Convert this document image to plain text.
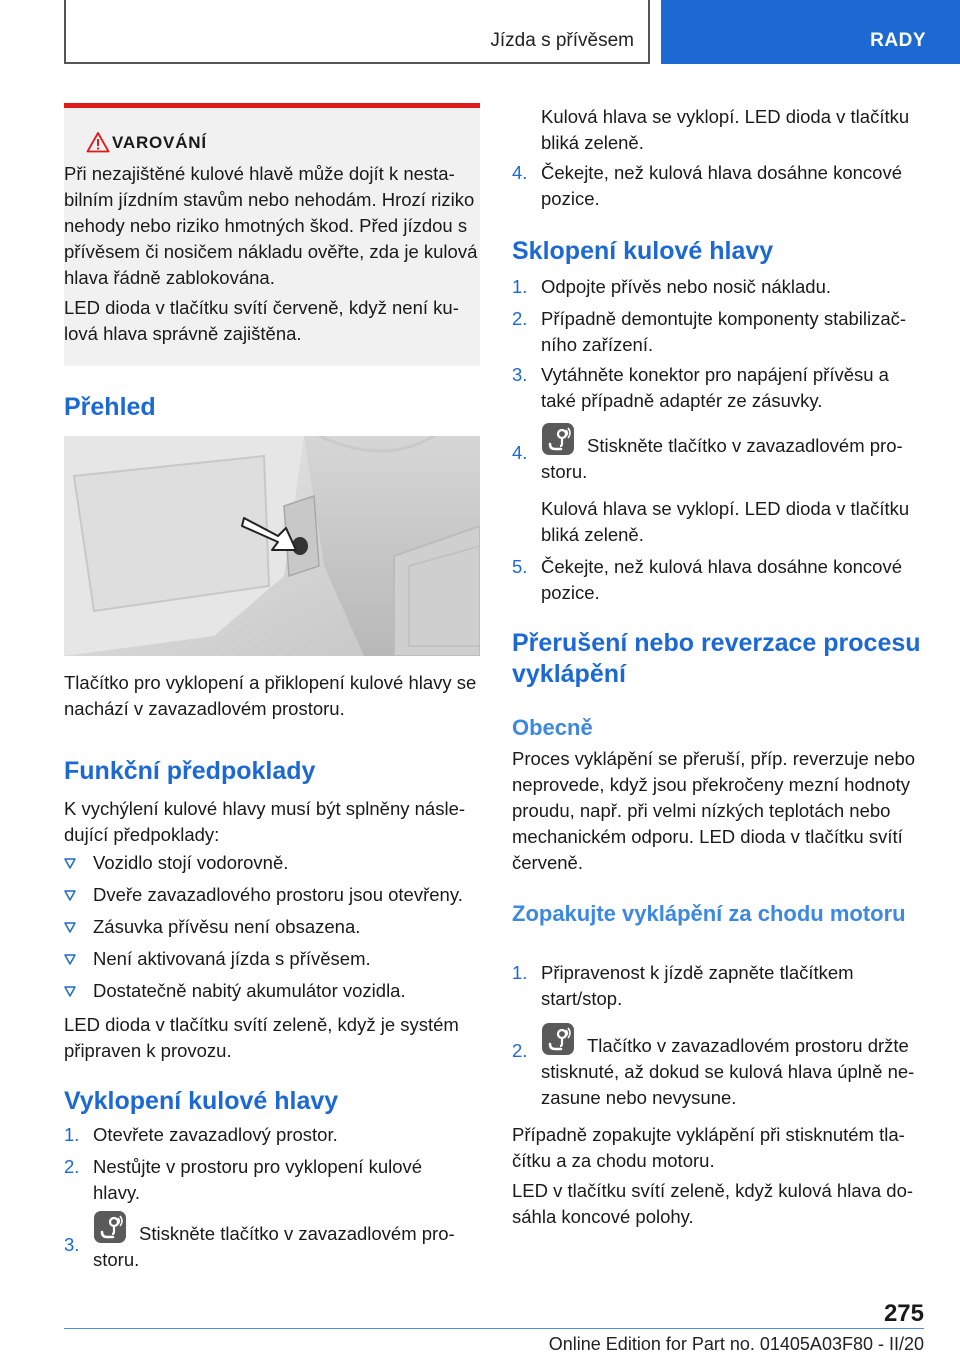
Jízda s přívěsem	RADY
VAROVÁNÍ
Při nezajištěné kulové hlavě může dojít k nestabilním jízdním stavům nebo nehodám. Hrozí riziko nehody nebo riziko hmotných škod. Před jízdou s přívěsem či nosičem nákladu ověřte, zda je kulová hlava řádně zablokována.
LED dioda v tlačítku svítí červeně, když není kulová hlava správně zajištěna.
Přehled
Tlačítko pro vyklopení a přiklopení kulové hlavy se nachází v zavazadlovém prostoru.
Funkční předpoklady
K vychýlení kulové hlavy musí být splněny následující předpoklady:
Vozidlo stojí vodorovně.
Dveře zavazadlového prostoru jsou otevřeny.
Zásuvka přívěsu není obsazena.
Není aktivovaná jízda s přívěsem.
Dostatečně nabitý akumulátor vozidla.
LED dioda v tlačítku svítí zeleně, když je systém připraven k provozu.
Vyklopení kulové hlavy
1. Otevřete zavazadlový prostor.
2. Nestůjte v prostoru pro vyklopení kulové hlavy.
3.
Stiskněte tlačítko v zavazadlovém prostoru.
Kulová hlava se vyklopí. LED dioda v tlačítku bliká zeleně.
4. Čekejte, než kulová hlava dosáhne koncové pozice.
Sklopení kulové hlavy
1. Odpojte přívěs nebo nosič nákladu.
2. Případně demontujte komponenty stabilizačního zařízení.
3. Vytáhněte konektor pro napájení přívěsu a také případně adaptér ze zásuvky.
4.	Stiskněte tlačítko v zavazadlovém prostoru.
Kulová hlava se vyklopí. LED dioda v tlačítku bliká zeleně.
5. Čekejte, než kulová hlava dosáhne koncové pozice.
Přerušení nebo reverzace procesu vyklápění
Obecně
Proces vyklápění se přeruší, příp. reverzuje nebo neprovede, když jsou překročeny mezní hodnoty proudu, např. při velmi nízkých teplotách nebo mechanickém odporu. LED dioda v tlačítku svítí červeně.
Zopakujte vyklápění za chodu motoru
1. Připravenost k jízdě zapněte tlačítkem start/stop.
2.	Tlačítko v zavazadlovém prostoru držte stisknuté, až dokud se kulová hlava úplně nezasune nebo nevysune.
Případně zopakujte vyklápění při stisknutém tlačítku a za chodu motoru.
LED v tlačítku svítí zeleně, když kulová hlava dosáhla koncové polohy.
275
Online Edition for Part no. 01405A03F80 - II/20
